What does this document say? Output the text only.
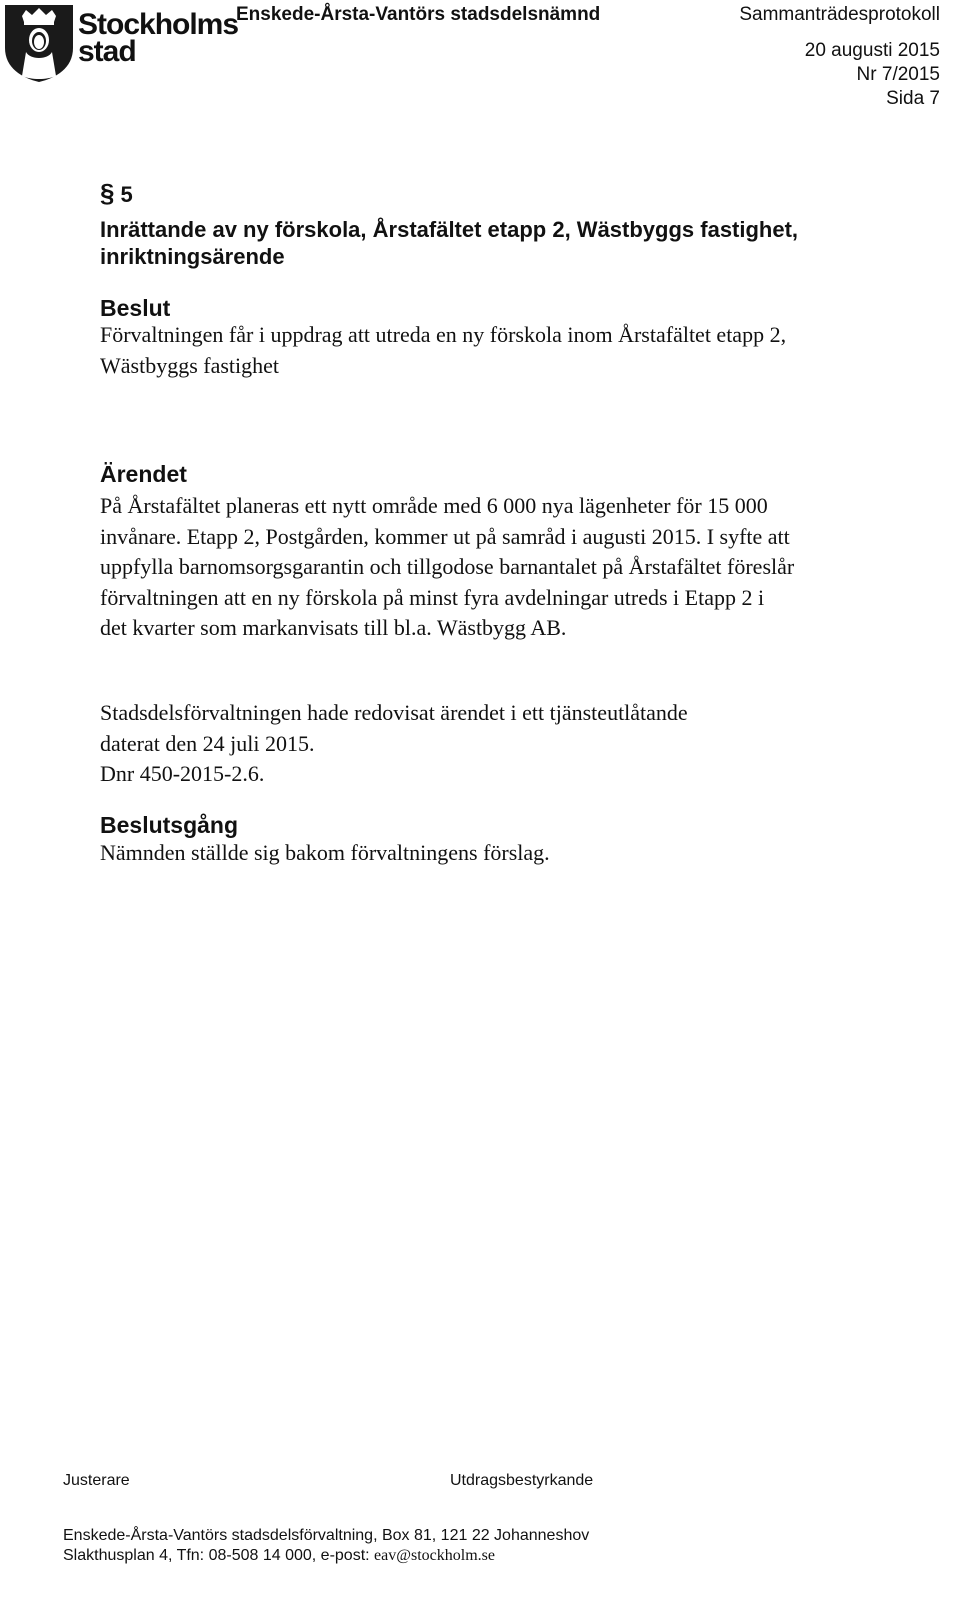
Stockholms
stad
Enskede-Årsta-Vantörs stadsdelsnämnd	Sammanträdesprotokoll
20 augusti 2015
Nr 7/2015
Sida 7
§ 5
Inrättande av ny förskola, Årstafältet etapp 2, Wästbyggs fastighet, inriktningsärende
Beslut
Förvaltningen får i uppdrag att utreda en ny förskola inom Årstafältet etapp 2, Wästbyggs fastighet
Ärendet
På Årstafältet planeras ett nytt område med 6 000 nya lägenheter för 15 000 invånare. Etapp 2, Postgården, kommer ut på samråd i augusti 2015. I syfte att uppfylla barnomsorgsgarantin och tillgodose barnantalet på Årstafältet föreslår förvaltningen att en ny förskola på minst fyra avdelningar utreds i Etapp 2 i det kvarter som markanvisats till bl.a. Wästbygg AB.

Stadsdelsförvaltningen hade redovisat ärendet i ett tjänsteutlåtande

daterat den 24 juli 2015.

Dnr 450-2015-2.6.

Beslutsgång
Nämnden ställde sig bakom förvaltningens förslag.
Justerare	Utdragsbestyrkande
Enskede-Årsta-Vantörs stadsdelsförvaltning, Box 81, 121 22 Johanneshov
Slakthusplan 4, Tfn: 08-508 14 000, e-post: eav@stockholm.se
